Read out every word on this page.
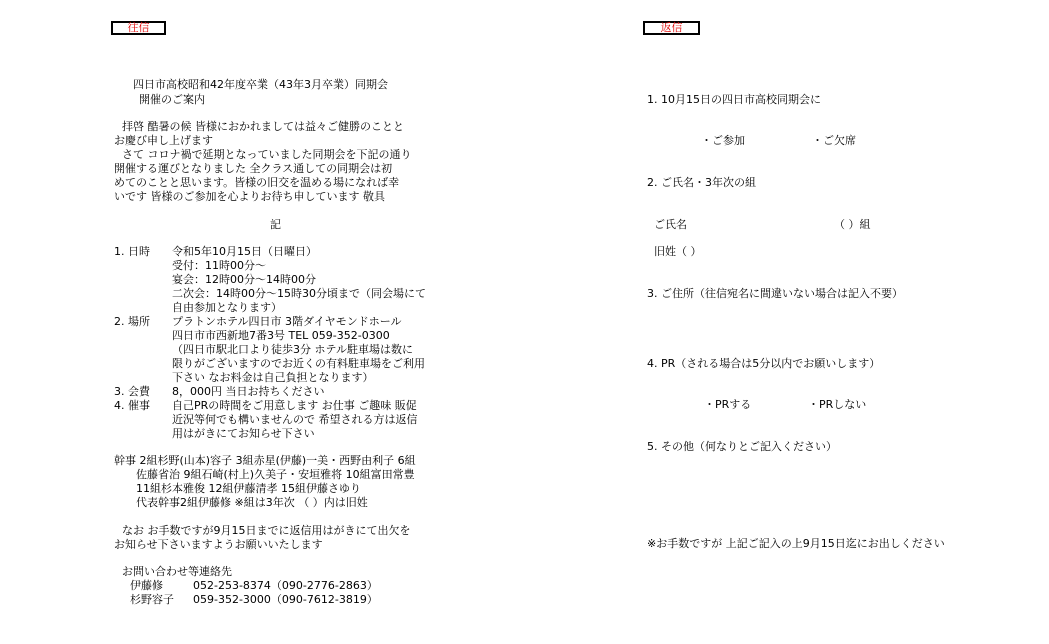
往信
四日市高校昭和42年度卒業（43年3月卒業）同期会
開催のご案内
拝啓 酷暑の候 皆様におかれましては益々ご健勝のことと
お慶び申し上げます
さて コロナ禍で延期となっていました同期会を下記の通り
開催する運びとなりました 全クラス通しての同期会は初
めてのことと思います。皆様の旧交を温める場になれば幸
いです 皆様のご参加を心よりお待ち申しています 敬具
記
1. 日時 令和5年10月15日（日曜日）
受付：11時00分～
宴会：12時00分～14時00分
二次会：14時00分～15時30分頃まで（同会場にて
自由参加となります）
2. 場所 プラトンホテル四日市 3階ダイヤモンドホール
四日市市西新地7番3号 TEL 059-352-0300
（四日市駅北口より徒歩3分 ホテル駐車場は数に
限りがございますのでお近くの有料駐車場をご利用
下さい なお料金は自己負担となります）
3. 会費 8，000円 当日お持ちください
4. 催事 自己PRの時間をご用意します お仕事 ご趣味 販促
近況等何でも構いませんので 希望される方は返信
用はがきにてお知らせ下さい
幹事 2組杉野(山本)容子 3組赤星(伊藤)一美・西野由利子 6組
佐藤省治 9組石崎(村上)久美子・安垣雅将 10組富田常豊
11組杉本雅俊 12組伊藤清孝 15組伊藤さゆり
代表幹事2組伊藤修 ※組は3年次 （ ）内は旧姓
なお お手数ですが9月15日までに返信用はがきにて出欠を
お知らせ下さいますようお願いいたします
お問い合わせ等連絡先
伊藤修	052-253-8374（090-2776-2863）
杉野容子 059-352-3000（090-7612-3819）
返信
1. 10月15日の四日市高校同期会に
・ご参加	・ご欠席
2. ご氏名・3年次の組
ご氏名	（ ）組
旧姓（ ）
3. ご住所（往信宛名に間違いない場合は記入不要）
4. PR（される場合は5分以内でお願いします）
・PRする	・PRしない
5. その他（何なりとご記入ください）
※お手数ですが 上記ご記入の上9月15日迄にお出しください
